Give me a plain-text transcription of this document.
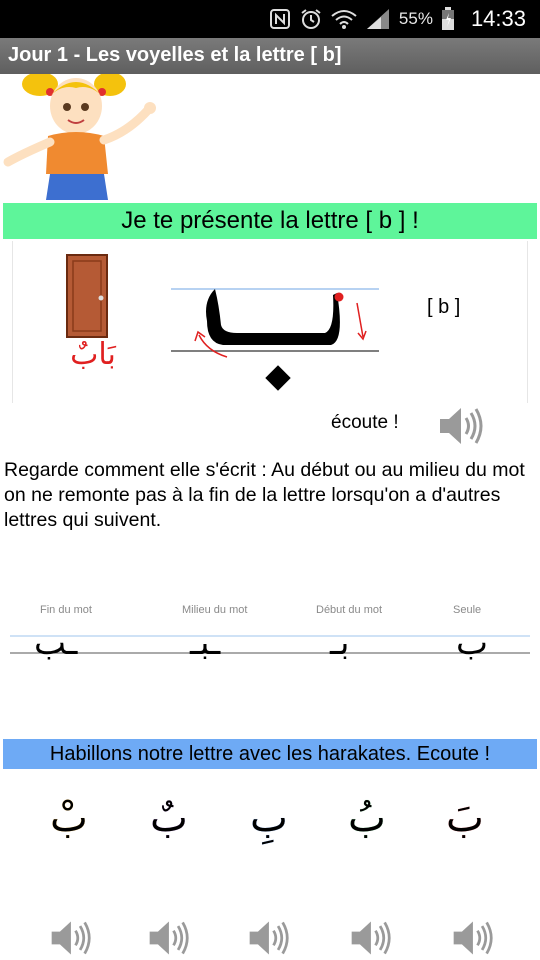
55% 14:33
Jour 1 - Les voyelles et la lettre [ b]
Je te présente la lettre [ b ] !
بَابٌ
[ b ]
écoute !

Regarde comment elle s'écrit : Au début ou au milieu du mot on ne remonte pas à la fin de la lettre lorsqu'on a d'autres lettres qui suivent.

Fin du mot	Milieu du mot	Début du mot	Seule
ـب	ـبـ	بـ	ب
Habillons notre lettre avec les harakates. Ecoute !
بْ بٌ بِ بُ بَ
